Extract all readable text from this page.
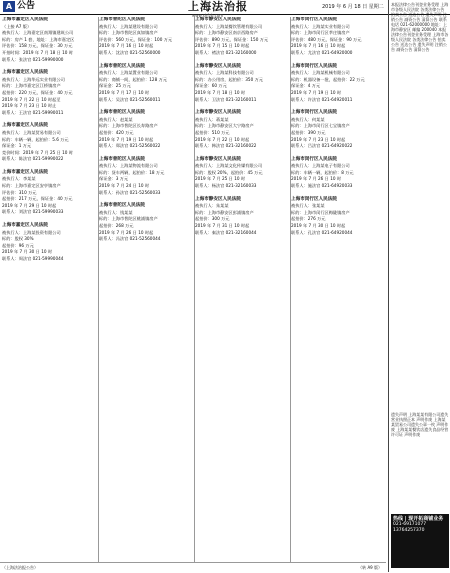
A 公告	上海法治报
www.shfzb.com
2019 年 6 月 18 日 星期二
上海市嘉定区人民法院

（上接 A7 版）

被执行人：上海嘉定区南翔镇建筑公司

标的：房产 1 套，地址：上海市嘉定区

评估价：158 万元，保证金：30 万元

开拍时间：2019 年 7 月 18 日 10 时

联系人：张法官 021-59990000

上海市嘉定区人民法院

被执行人：上海华远实业有限公司

标的：上海市嘉定区江桥镇房产

起拍价：220 万元，保证金：40 万元

2019 年 7 月 22 日 10 时起至

2019 年 7 月 23 日 10 时止

联系人：王法官 021-59990011

上海市嘉定区人民法院

被执行人：上海某贸易有限公司

标的：车辆一辆，起拍价：5.6 万元

保证金：1 万元

竞价时间：2019 年 7 月 25 日 10 时

联系人：陈法官 021-59990022

上海市嘉定区人民法院

被执行人：李某某

标的：上海市嘉定区安亭镇房产

评估价：310 万元

起拍价：217 万元，保证金：40 万元

2019 年 7 月 29 日 10 时起

联系人：刘法官 021-59990033

上海市嘉定区人民法院

被执行人：上海某投资有限公司

标的：股权 30%

起拍价：96 万元

2019 年 7 月 30 日 10 时

联系人：周法官 021-59990044

上海市普陀区人民法院

被执行人：上海某建设有限公司

标的：上海市普陀区真如镇房产

评估价：560 万元，保证金：100 万元

2019 年 7 月 16 日 10 时起

联系人：沈法官 021-52560000

上海市普陀区人民法院

被执行人：上海某置业有限公司

标的：商铺一间，起拍价：128 万元

保证金：25 万元

2019 年 7 月 17 日 10 时

联系人：吴法官 021-52560011

上海市普陀区人民法院

被执行人：赵某某

标的：上海市普陀区长寿路房产

起拍价：420 万元

2019 年 7 月 19 日 10 时起

联系人：郑法官 021-52560022

上海市普陀区人民法院

被执行人：上海某物流有限公司

标的：货车两辆，起拍价：18 万元

保证金：3 万元

2019 年 7 月 24 日 10 时

联系人：孙法官 021-52560033

上海市普陀区人民法院

被执行人：钱某某

标的：上海市普陀区桃浦镇房产

起拍价：268 万元

2019 年 7 月 26 日 10 时起

联系人：冯法官 021-52560044

上海市静安区人民法院

被执行人：上海某餐饮管理有限公司

标的：上海市静安区南京西路房产

评估价：890 万元，保证金：150 万元

2019 年 7 月 15 日 10 时起

联系人：褚法官 021-32160000

上海市静安区人民法院

被执行人：上海某科技有限公司

标的：办公用房，起拍价：350 万元

保证金：60 万元

2019 年 7 月 18 日 10 时

联系人：卫法官 021-32160011

上海市静安区人民法院

被执行人：蒋某某

标的：上海市静安区大宁路房产

起拍价：510 万元

2019 年 7 月 22 日 10 时起

联系人：韩法官 021-32160022

上海市静安区人民法院

被执行人：上海某文化传媒有限公司

标的：股权 20%，起拍价：45 万元

2019 年 7 月 25 日 10 时

联系人：杨法官 021-32160033

上海市静安区人民法院

被执行人：朱某某

标的：上海市静安区彭浦镇房产

起拍价：300 万元

2019 年 7 月 31 日 10 时起

联系人：秦法官 021-32160044

上海市闵行区人民法院

被执行人：上海某实业有限公司

标的：上海市闵行区莘庄镇房产

评估价：480 万元，保证金：90 万元

2019 年 7 月 16 日 10 时起

联系人：尤法官 021-64920000

上海市闵行区人民法院

被执行人：上海某机械有限公司

标的：机器设备一批，起拍价：22 万元

保证金：4 万元

2019 年 7 月 19 日 10 时

联系人：许法官 021-64920011

上海市闵行区人民法院

被执行人：何某某

标的：上海市闵行区七宝镇房产

起拍价：390 万元

2019 年 7 月 23 日 10 时起

联系人：吕法官 021-64920022

上海市闵行区人民法院

被执行人：上海某电子有限公司

标的：车辆一辆，起拍价：8 万元

2019 年 7 月 26 日 10 时

联系人：施法官 021-64920033

上海市闵行区人民法院

被执行人：张某某

标的：上海市闵行区梅陇镇房产

起拍价：276 万元

2019 年 7 月 30 日 10 时起

联系人：孔法官 021-64920044

本报法律公告刊登业务受理 上海市各级人民法院 各类法律公告 拍卖公告 送达公告 遗失声明 注销公告 减资公告 清算公告 联系电话 021-62000000 地址：上海市静安区 邮编 200040 本报法律公告刊登业务受理 上海市各级人民法院 各类法律公告 拍卖公告 送达公告 遗失声明 注销公告 减资公告 清算公告
遗失声明 上海某某有限公司遗失营业执照正本 声明作废 上海某某贸易公司遗失公章一枚 声明作废 上海某某餐饮店遗失食品经营许可证 声明作废
热线 | 现开拓商铺业务
021-69171077
13764257370
（上海法治报公告）	（转 A9 版）
